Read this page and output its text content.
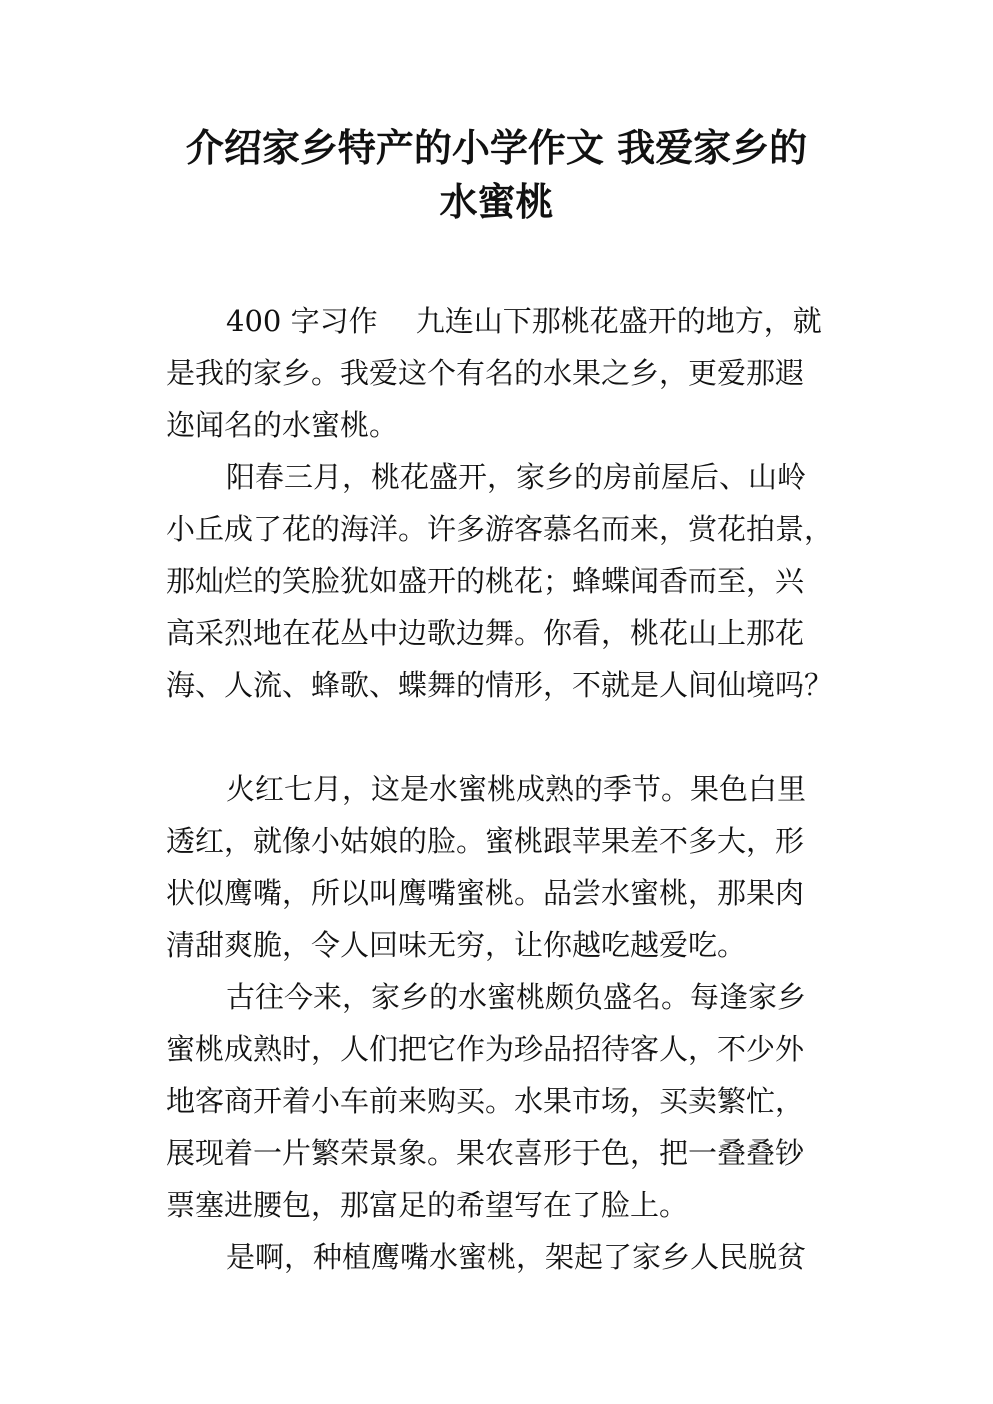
介绍家乡特产的小学作文 我爱家乡的
水蜜桃
400 字习作　 九连山下那桃花盛开的地方，就
是我的家乡。我爱这个有名的水果之乡，更爱那遐
迩闻名的水蜜桃。
阳春三月，桃花盛开，家乡的房前屋后、山岭
小丘成了花的海洋。许多游客慕名而来，赏花拍景，
那灿烂的笑脸犹如盛开的桃花；蜂蝶闻香而至，兴
高采烈地在花丛中边歌边舞。你看，桃花山上那花
海、人流、蜂歌、蝶舞的情形，不就是人间仙境吗？
火红七月，这是水蜜桃成熟的季节。果色白里
透红，就像小姑娘的脸。蜜桃跟苹果差不多大，形
状似鹰嘴，所以叫鹰嘴蜜桃。品尝水蜜桃，那果肉
清甜爽脆，令人回味无穷，让你越吃越爱吃。
古往今来，家乡的水蜜桃颇负盛名。每逢家乡
蜜桃成熟时，人们把它作为珍品招待客人，不少外
地客商开着小车前来购买。水果市场，买卖繁忙，
展现着一片繁荣景象。果农喜形于色，把一叠叠钞
票塞进腰包，那富足的希望写在了脸上。
是啊，种植鹰嘴水蜜桃，架起了家乡人民脱贫
